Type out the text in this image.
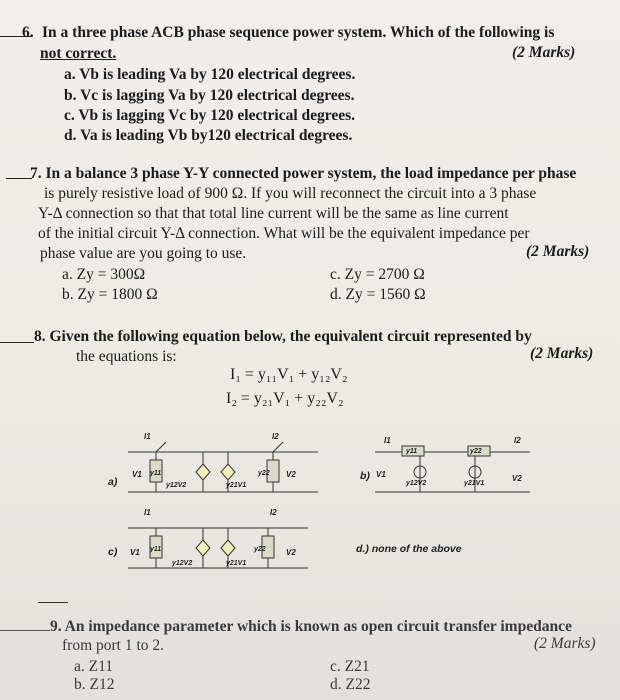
6. In a three phase ACB phase sequence power system. Which of the following is
not correct.	(2 Marks)
a. Vb is leading Va by 120 electrical degrees.
b. Vc is lagging Va by 120 electrical degrees.
c. Vb is lagging Vc by 120 electrical degrees.
d. Va is leading Vb by120 electrical degrees.
7. In a balance 3 phase Y-Y connected power system, the load impedance per phase
is purely resistive load of 900 Ω. If you will reconnect the circuit into a 3 phase
Y-Δ connection so that that total line current will be the same as line current
of the initial circuit Y-Δ connection. What will be the equivalent impedance per
phase value are you going to use.	(2 Marks)
a. Zy = 300Ω
b. Zy = 1800 Ω
c. Zy = 2700 Ω
d. Zy = 1560 Ω
8. Given the following equation below, the equivalent circuit represented by
the equations is:	(2 Marks)
I₁ = y₁₁V₁ + y₁₂V₂
I₂ = y₂₁V₁ + y₂₂V₂
a)
V1 y11
y12V2	y21V1
y22 V2
I1	I2
b)
y11
y12V2
y22
y21V1
V1	V2
I1	I2
c) V1 y11
y12V2	y21V1
y22	V2
I1	I2
d.) none of the above
9. An impedance parameter which is known as open circuit transfer impedance
from port 1 to 2.	(2 Marks)
a. Z11
b. Z12
c. Z21
d. Z22
